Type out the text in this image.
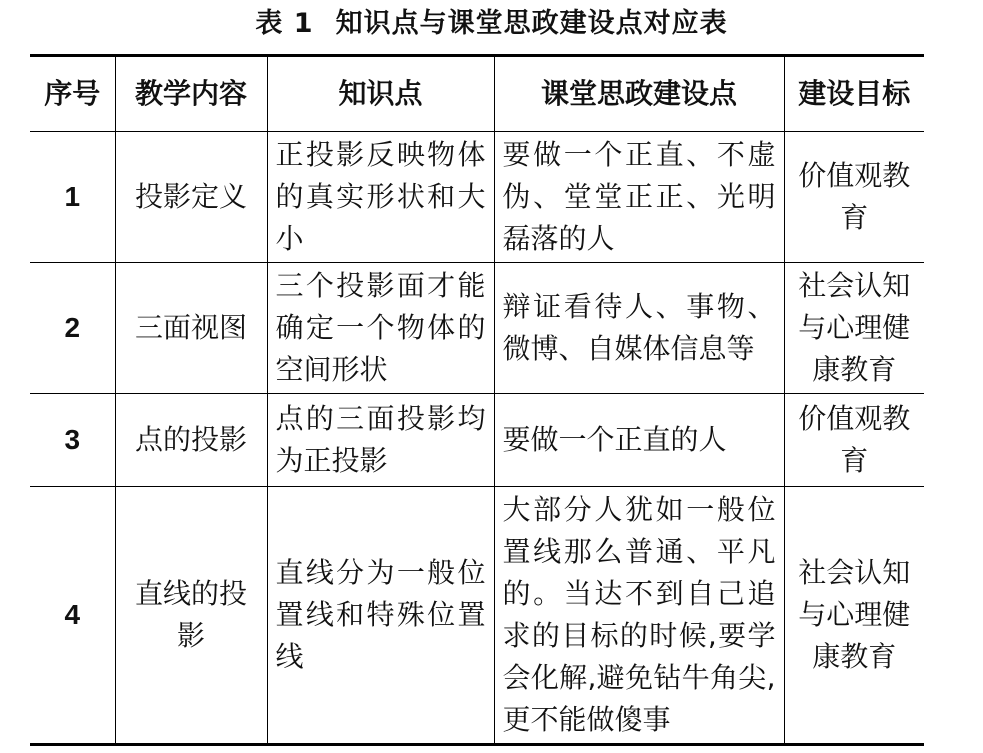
表 1 知识点与课堂思政建设点对应表
序号	教学内容	知识点	课堂思政建设点	建设目标
1	投影定义	正投影反映物体的真实形状和大小	要做一个正直、不虚伪、堂堂正正、光明磊落的人	价值观教育
2	三面视图	三个投影面才能确定一个物体的空间形状	辩证看待人、事物、微博、自媒体信息等	社会认知与心理健康教育
3	点的投影	点的三面投影均为正投影	要做一个正直的人	价值观教育
4	直线的投影	直线分为一般位置线和特殊位置线	大部分人犹如一般位置线那么普通、平凡的。当达不到自己追求的目标的时候,要学会化解,避免钻牛角尖,更不能做傻事	社会认知与心理健康教育
